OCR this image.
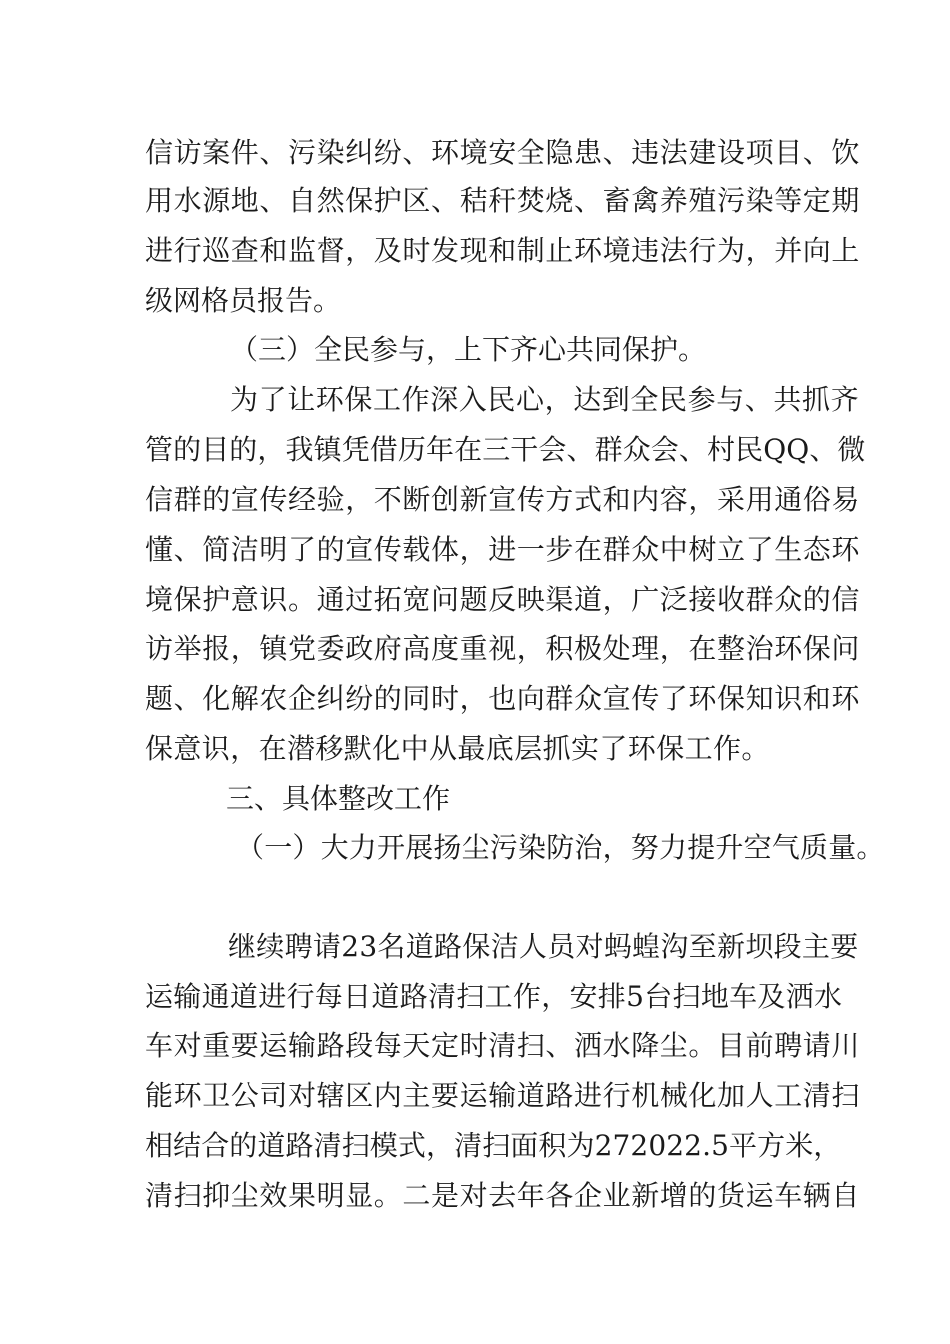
信访案件、污染纠纷、环境安全隐患、违法建设项目、饮

用水源地、自然保护区、秸秆焚烧、畜禽养殖污染等定期

进行巡查和监督，及时发现和制止环境违法行为，并向上

级网格员报告。

（三）全民参与，上下齐心共同保护。

为了让环保工作深入民心，达到全民参与、共抓齐

管的目的，我镇凭借历年在三干会、群众会、村民QQ、微

信群的宣传经验，不断创新宣传方式和内容，采用通俗易

懂、简洁明了的宣传载体，进一步在群众中树立了生态环

境保护意识。通过拓宽问题反映渠道，广泛接收群众的信

访举报，镇党委政府高度重视，积极处理，在整治环保问

题、化解农企纠纷的同时，也向群众宣传了环保知识和环

保意识，在潜移默化中从最底层抓实了环保工作。

三、具体整改工作

（一）大力开展扬尘污染防治，努力提升空气质量。

继续聘请23名道路保洁人员对蚂蝗沟至新坝段主要

运输通道进行每日道路清扫工作，安排5台扫地车及洒水

车对重要运输路段每天定时清扫、洒水降尘。目前聘请川

能环卫公司对辖区内主要运输道路进行机械化加人工清扫

相结合的道路清扫模式，清扫面积为272022.5平方米，

清扫抑尘效果明显。二是对去年各企业新增的货运车辆自
